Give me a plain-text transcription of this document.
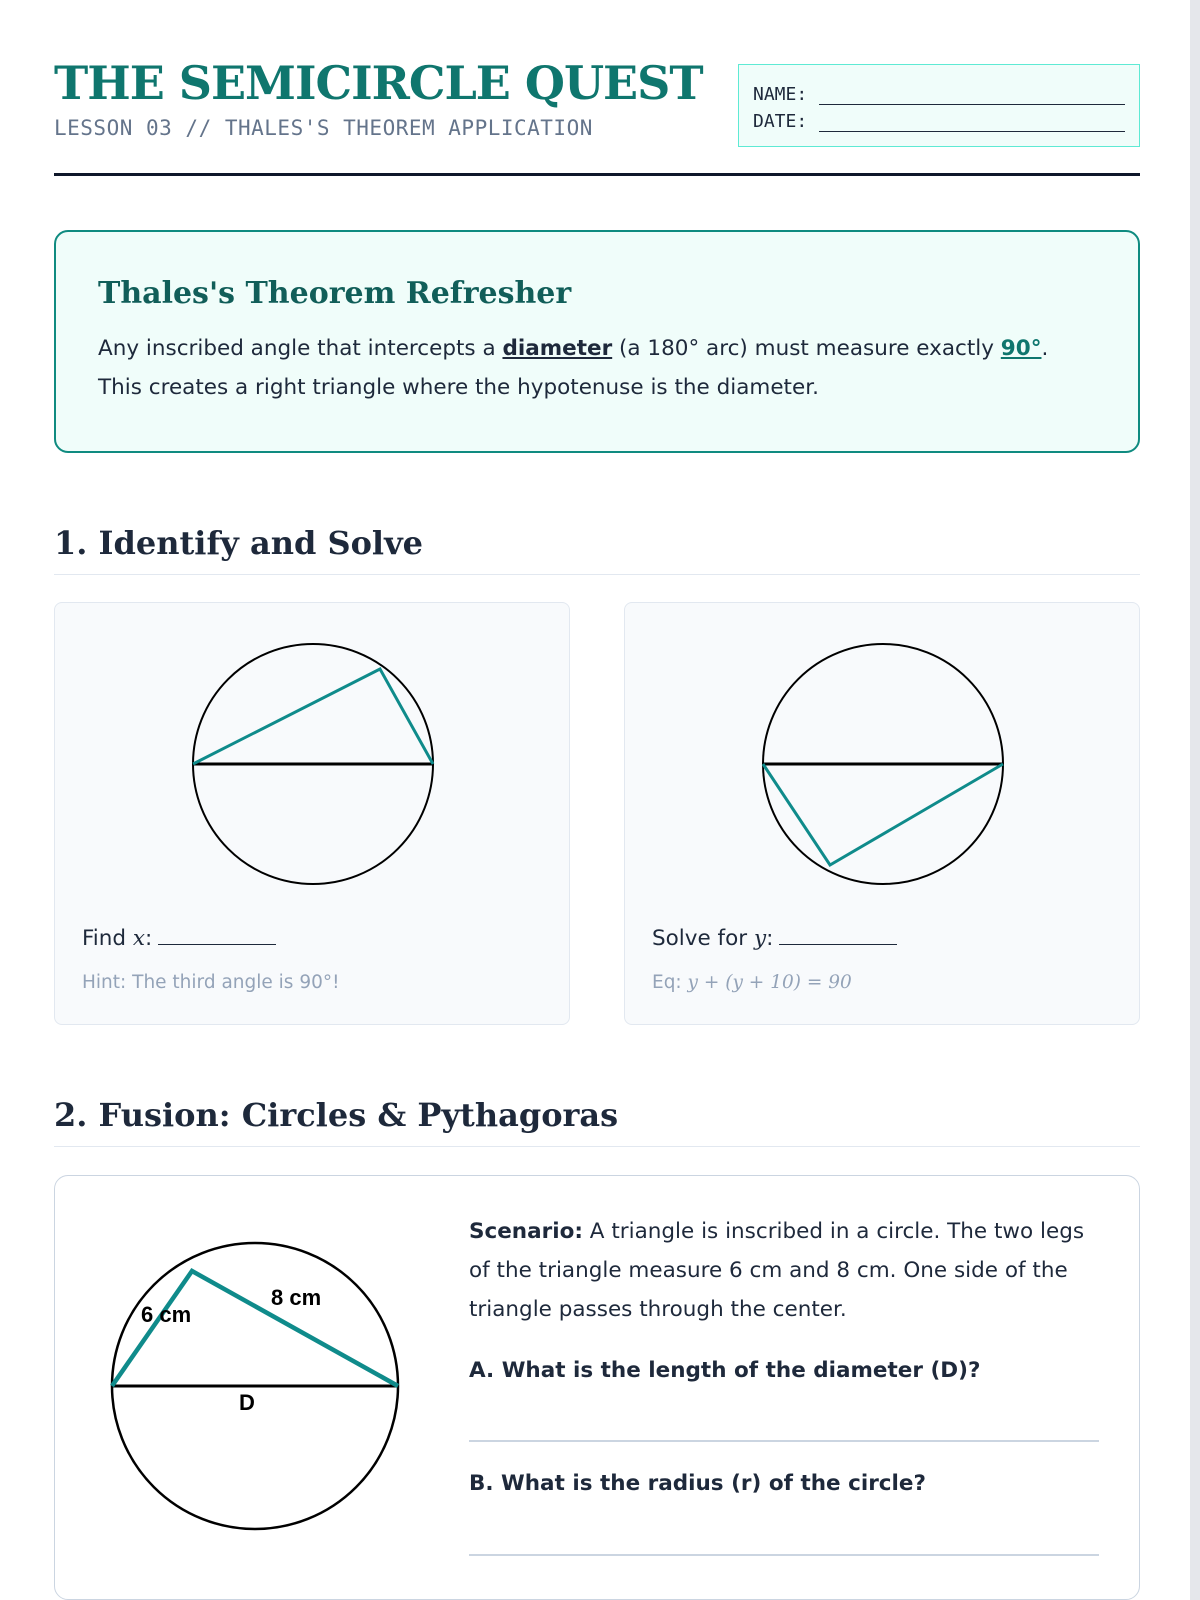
THE SEMICIRCLE QUEST
LESSON 03 // THALES'S THEOREM APPLICATION
NAME:
DATE:
Thales's Theorem Refresher
Any inscribed angle that intercepts a diameter (a 180° arc) must measure exactly 90°.
This creates a right triangle where the hypotenuse is the diameter.
1. Identify and Solve
Find x:
Hint: The third angle is 90°!
Solve for y:
Eq: y + (y + 10) = 90
2. Fusion: Circles & Pythagoras
6 cm
8 cm
D
Scenario: A triangle is inscribed in a circle. The two legs of the triangle measure 6 cm and 8 cm. One side of the triangle passes through the center.
A. What is the length of the diameter (D)?
B. What is the radius (r) of the circle?
